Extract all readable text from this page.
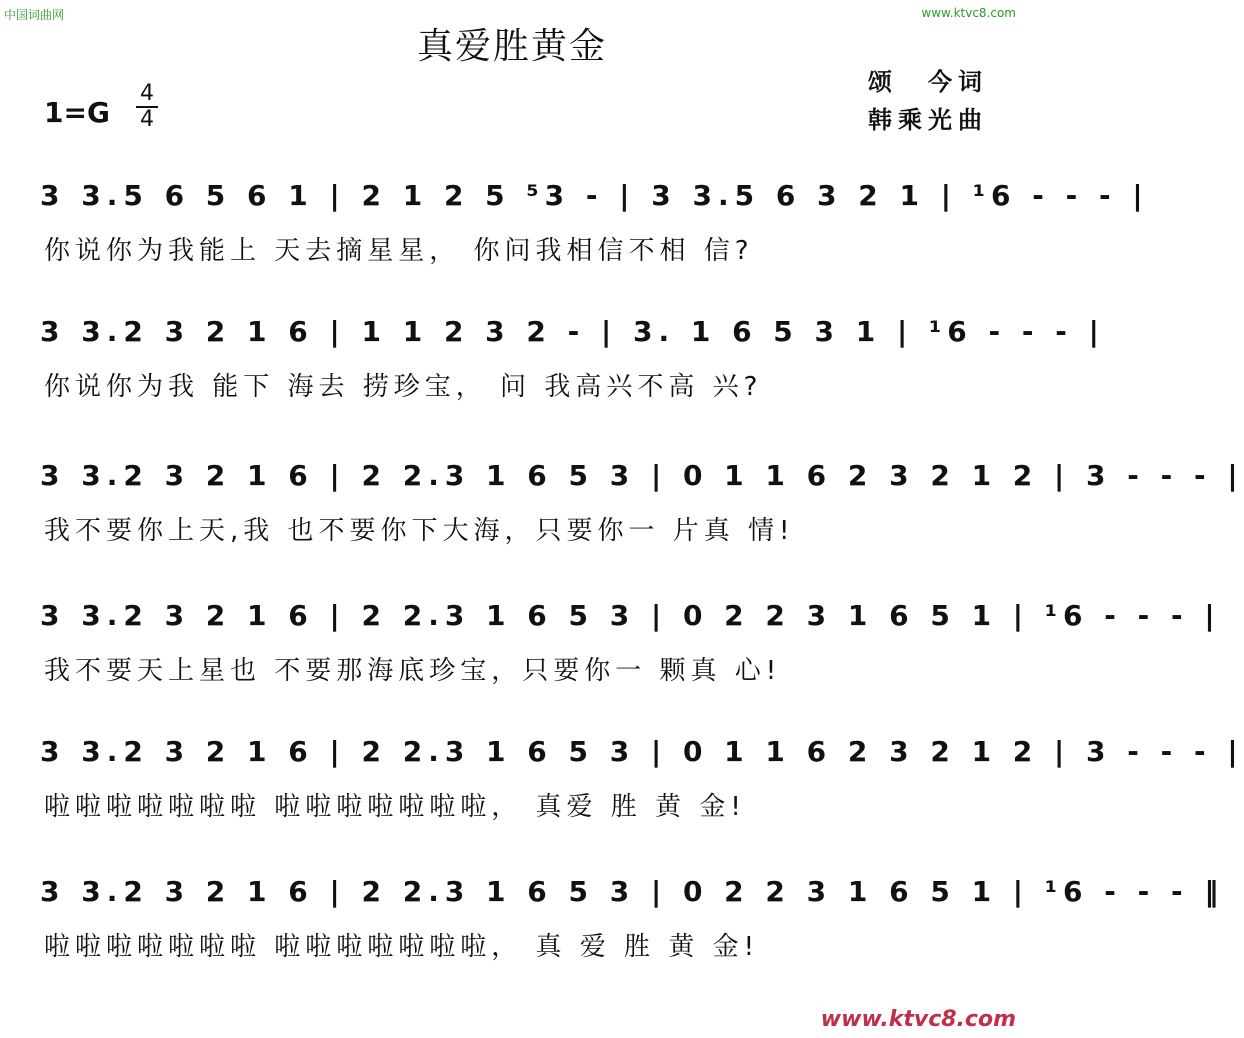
中国词曲网	www.ktvc8.com
真爱胜黄金
1=G
4
4
颂　今词
韩乘光曲
3 3.5 6 5 6 1 | 2 1 2 5 ⁵3 - | 3 3.5 6 3 2 1 | ¹6 - - - |
你说你为我能上 天去摘星星， 你问我相信不相 信?
3 3.2 3 2 1 6 | 1 1 2 3 2 - | 3. 1 6 5 3 1 | ¹6 - - - |
你说你为我 能下 海去 捞珍宝， 问 我高兴不高 兴?
3 3.2 3 2 1 6 | 2 2.3 1 6 5 3 | 0 1 1 6 2 3 2 1 2 | 3 - - - |
我不要你上天,我 也不要你下大海，只要你一 片真 情!
3 3.2 3 2 1 6 | 2 2.3 1 6 5 3 | 0 2 2 3 1 6 5 1 | ¹6 - - - |
我不要天上星也 不要那海底珍宝，只要你一 颗真 心!
3 3.2 3 2 1 6 | 2 2.3 1 6 5 3 | 0 1 1 6 2 3 2 1 2 | 3 - - - |
啦啦啦啦啦啦啦 啦啦啦啦啦啦啦， 真爱 胜 黄 金!
3 3.2 3 2 1 6 | 2 2.3 1 6 5 3 | 0 2 2 3 1 6 5 1 | ¹6 - - - ‖
啦啦啦啦啦啦啦 啦啦啦啦啦啦啦， 真 爱 胜 黄 金!
www.ktvc8.com
